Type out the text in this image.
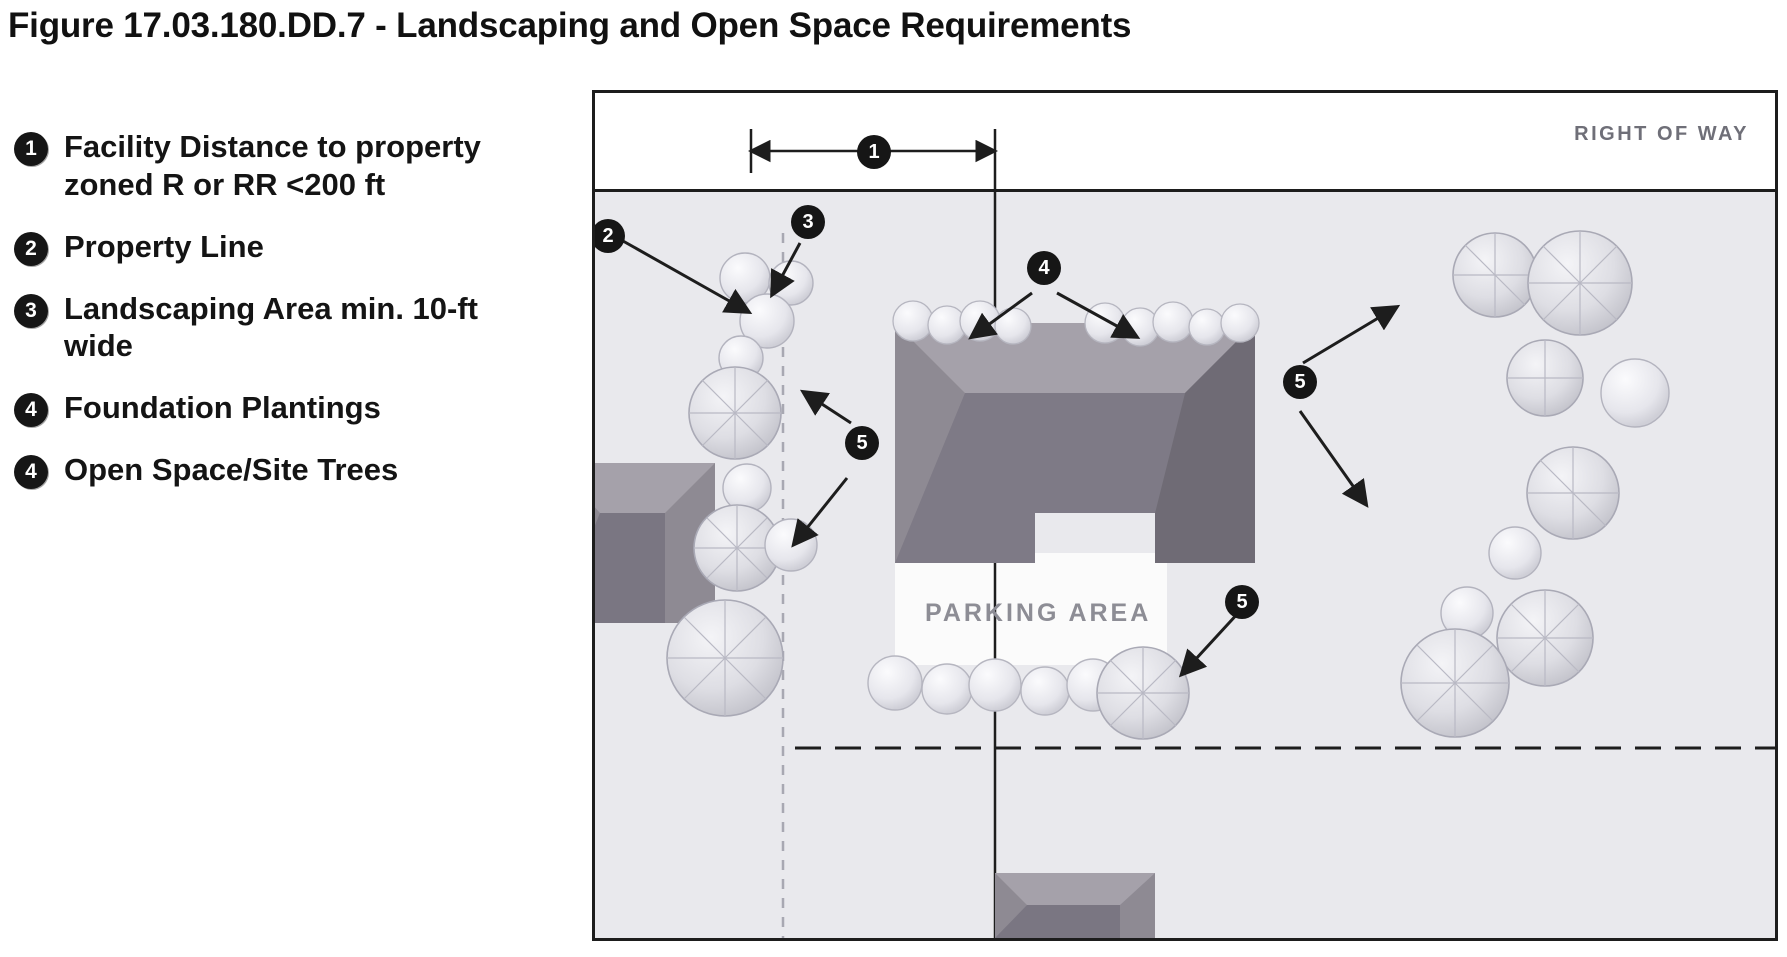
Figure 17.03.180.DD.7 - Landscaping and Open Space Requirements
1 Facility Distance to property zoned R or RR <200 ft
2 Property Line
3 Landscaping Area min. 10-ft wide
4 Foundation Plantings
4 Open Space/Site Trees
RIGHT OF WAY
PARKING AREA
1
2
3
4
5
5
5
